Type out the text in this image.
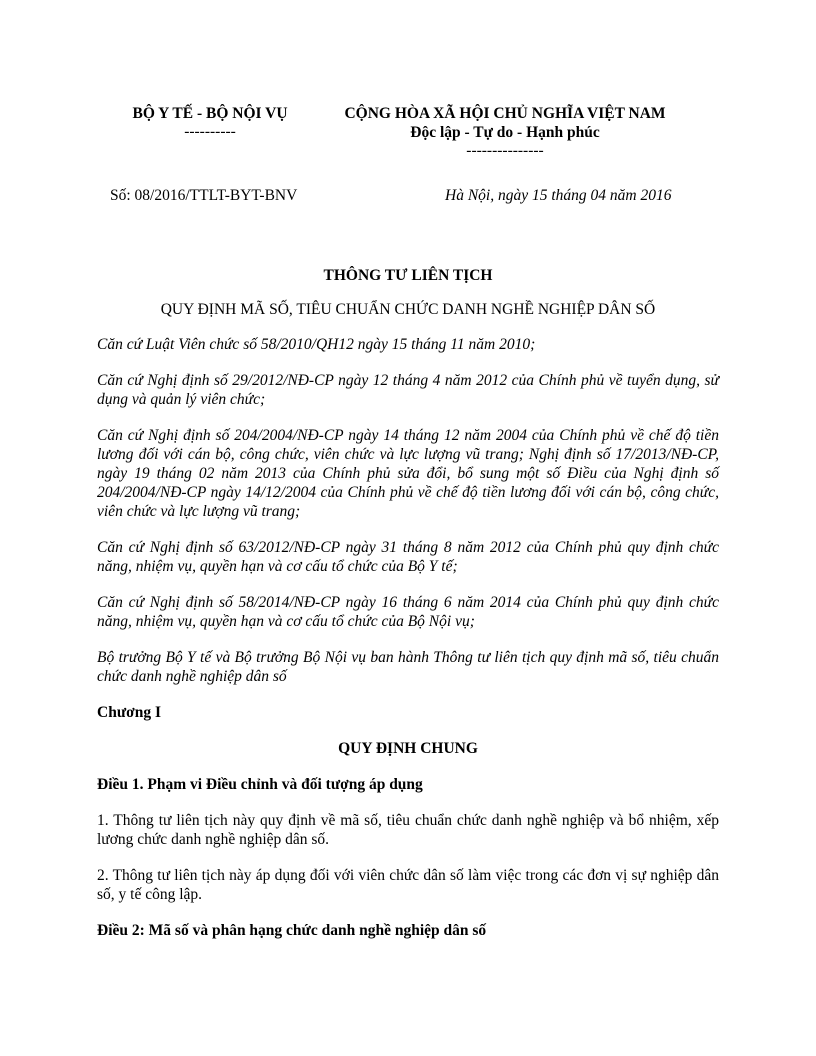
BỘ Y TẾ - BỘ NỘI VỤ
----------
CỘNG HÒA XÃ HỘI CHỦ NGHĨA VIỆT NAM
Độc lập - Tự do - Hạnh phúc
---------------
Số: 08/2016/TTLT-BYT-BNV	Hà Nội, ngày 15 tháng 04 năm 2016
THÔNG TƯ LIÊN TỊCH
QUY ĐỊNH MÃ SỐ, TIÊU CHUẨN CHỨC DANH NGHỀ NGHIỆP DÂN SỐ

Căn cứ Luật Viên chức số 58/2010/QH12 ngày 15 tháng 11 năm 2010;

Căn cứ Nghị định số 29/2012/NĐ-CP ngày 12 tháng 4 năm 2012 của Chính phủ về tuyển dụng, sử dụng và quản lý viên chức;

Căn cứ Nghị định số 204/2004/NĐ-CP ngày 14 tháng 12 năm 2004 của Chính phủ về chế độ tiền lương đối với cán bộ, công chức, viên chức và lực lượng vũ trang; Nghị định số 17/2013/NĐ-CP, ngày 19 tháng 02 năm 2013 của Chính phủ sửa đổi, bổ sung một số Điều của Nghị định số 204/2004/NĐ-CP ngày 14/12/2004 của Chính phủ về chế độ tiền lương đối với cán bộ, công chức, viên chức và lực lượng vũ trang;

Căn cứ Nghị định số 63/2012/NĐ-CP ngày 31 tháng 8 năm 2012 của Chính phủ quy định chức năng, nhiệm vụ, quyền hạn và cơ cấu tổ chức của Bộ Y tế;

Căn cứ Nghị định số 58/2014/NĐ-CP ngày 16 tháng 6 năm 2014 của Chính phủ quy định chức năng, nhiệm vụ, quyền hạn và cơ cấu tổ chức của Bộ Nội vụ;

Bộ trưởng Bộ Y tế và Bộ trưởng Bộ Nội vụ ban hành Thông tư liên tịch quy định mã số, tiêu chuẩn chức danh nghề nghiệp dân số

Chương I

QUY ĐỊNH CHUNG

Điều 1. Phạm vi Điều chỉnh và đối tượng áp dụng

1. Thông tư liên tịch này quy định về mã số, tiêu chuẩn chức danh nghề nghiệp và bổ nhiệm, xếp lương chức danh nghề nghiệp dân số.

2. Thông tư liên tịch này áp dụng đối với viên chức dân số làm việc trong các đơn vị sự nghiệp dân số, y tế công lập.

Điều 2: Mã số và phân hạng chức danh nghề nghiệp dân số
